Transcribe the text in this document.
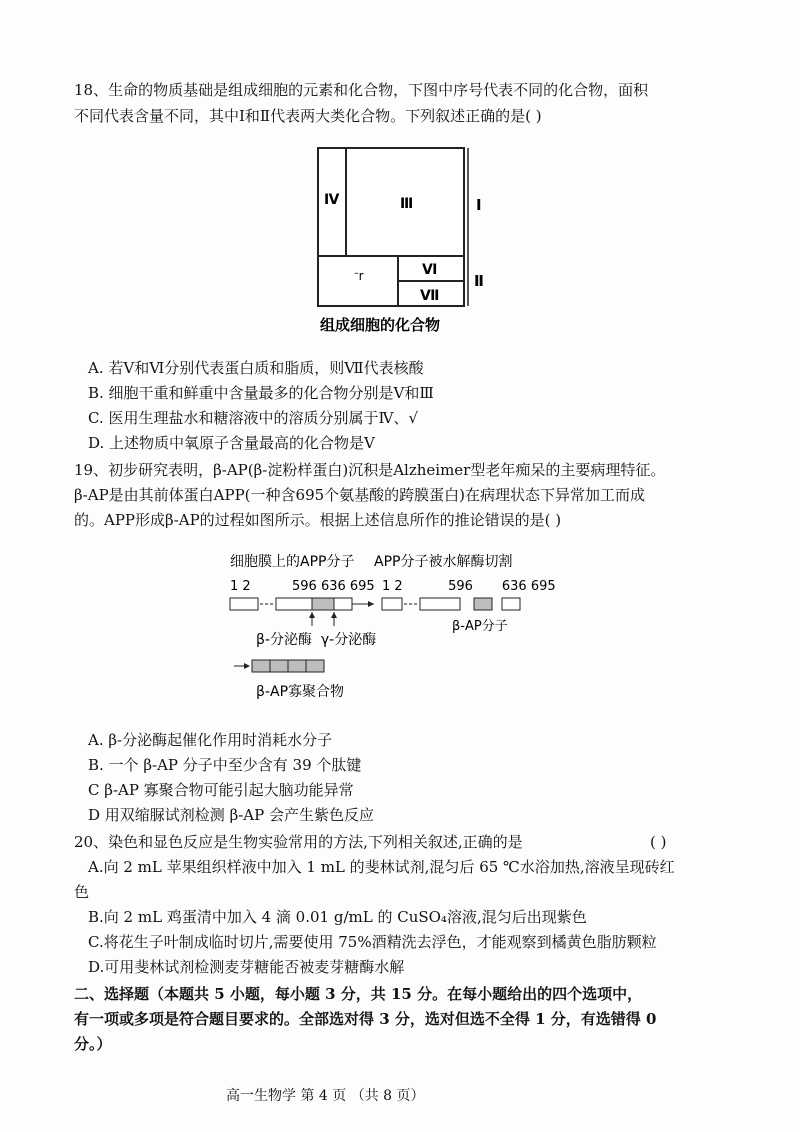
18、生命的物质基础是组成细胞的元素和化合物，下图中序号代表不同的化合物，面积
不同代表含量不同，其中Ⅰ和Ⅱ代表两大类化合物。下列叙述正确的是( )
Ⅳ	Ⅲ
ᐨr	Ⅵ
Ⅶ
Ⅰ
Ⅱ
组成细胞的化合物
A. 若Ⅴ和Ⅵ分别代表蛋白质和脂质，则Ⅶ代表核酸
B. 细胞干重和鲜重中含量最多的化合物分别是Ⅴ和Ⅲ
C. 医用生理盐水和糖溶液中的溶质分别属于Ⅳ、√
D. 上述物质中氧原子含量最高的化合物是Ⅴ
19、初步研究表明，β-AP(β-淀粉样蛋白)沉积是Alzheimer型老年痴呆的主要病理特征。
β-AP是由其前体蛋白APP(一种含695个氨基酸的跨膜蛋白)在病理状态下异常加工而成
的。APP形成β-AP的过程如图所示。根据上述信息所作的推论错误的是( )
细胞膜上的APP分子 APP分子被水解酶切割
1 2          596 636 695 1 2           596       636 695
β-分泌酶  γ-分泌酶
β-AP分子
β-AP寡聚合物
A. β-分泌酶起催化作用时消耗水分子
B. 一个 β-AP 分子中至少含有 39 个肽键
C β-AP 寡聚合物可能引起大脑功能异常
D 用双缩脲试剂检测 β-AP 会产生紫色反应
20、染色和显色反应是生物实验常用的方法,下列相关叙述,正确的是	( )
A.向 2 mL 苹果组织样液中加入 1 mL 的斐林试剂,混匀后 65 ℃水浴加热,溶液呈现砖红
色
B.向 2 mL 鸡蛋清中加入 4 滴 0.01 g/mL 的 CuSO₄溶液,混匀后出现紫色
C.将花生子叶制成临时切片,需要使用 75%酒精洗去浮色，才能观察到橘黄色脂肪颗粒
D.可用斐林试剂检测麦芽糖能否被麦芽糖酶水解
二、选择题（本题共 5 小题，每小题 3 分，共 15 分。在每小题给出的四个选项中，
有一项或多项是符合题目要求的。全部选对得 3 分，选对但选不全得 1 分，有选错得 0
分。）
高一生物学 第 4 页 （共 8 页）
